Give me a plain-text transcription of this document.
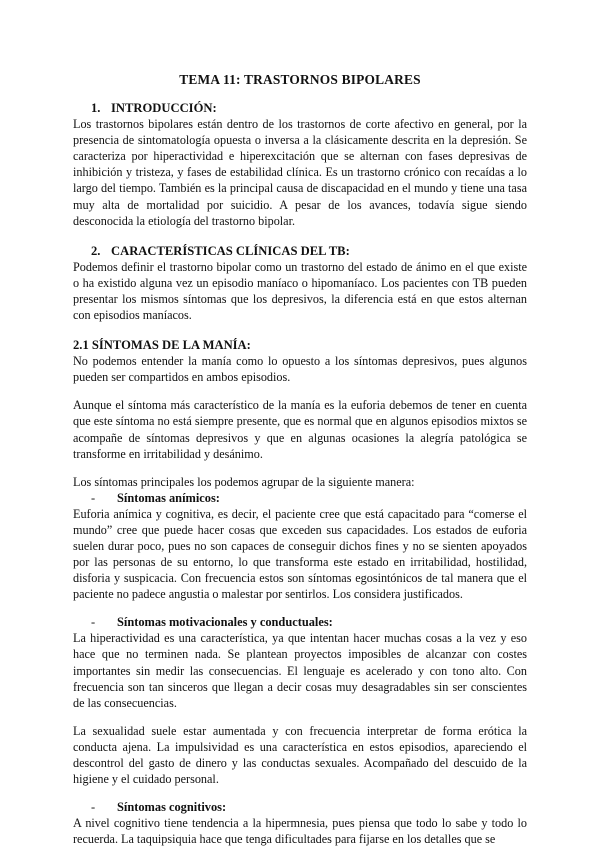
TEMA 11: TRASTORNOS BIPOLARES
1. INTRODUCCIÓN:

Los trastornos bipolares están dentro de los trastornos de corte afectivo en general, por la presencia de sintomatología opuesta o inversa a la clásicamente descrita en la depresión. Se caracteriza por hiperactividad e hiperexcitación que se alternan con fases depresivas de inhibición y tristeza, y fases de estabilidad clínica. Es un trastorno crónico con recaídas a lo largo del tiempo. También es la principal causa de discapacidad en el mundo y tiene una tasa muy alta de mortalidad por suicidio. A pesar de los avances, todavía sigue siendo desconocida la etiología del trastorno bipolar.

2. CARACTERÍSTICAS CLÍNICAS DEL TB:

Podemos definir el trastorno bipolar como un trastorno del estado de ánimo en el que existe o ha existido alguna vez un episodio maníaco o hipomaníaco. Los pacientes con TB pueden presentar los mismos síntomas que los depresivos, la diferencia está en que estos alternan con episodios maníacos.

2.1 SÍNTOMAS DE LA MANÍA:

No podemos entender la manía como lo opuesto a los síntomas depresivos, pues algunos pueden ser compartidos en ambos episodios.

Aunque el síntoma más característico de la manía es la euforia debemos de tener en cuenta que este síntoma no está siempre presente, que es normal que en algunos episodios mixtos se acompañe de síntomas depresivos y que en algunas ocasiones la alegría patológica se transforme en irritabilidad y desánimo.

Los síntomas principales los podemos agrupar de la siguiente manera:

-	Síntomas anímicos:

Euforia anímica y cognitiva, es decir, el paciente cree que está capacitado para “comerse el mundo” cree que puede hacer cosas que exceden sus capacidades. Los estados de euforia suelen durar poco, pues no son capaces de conseguir dichos fines y no se sienten apoyados por las personas de su entorno, lo que transforma este estado en irritabilidad, hostilidad, disforia y suspicacia. Con frecuencia estos son síntomas egosintónicos de tal manera que el paciente no padece angustia o malestar por sentirlos. Los considera justificados.

-	Síntomas motivacionales y conductuales:

La hiperactividad es una característica, ya que intentan hacer muchas cosas a la vez y eso hace que no terminen nada. Se plantean proyectos imposibles de alcanzar con costes importantes sin medir las consecuencias. El lenguaje es acelerado y con tono alto. Con frecuencia son tan sinceros que llegan a decir cosas muy desagradables sin ser conscientes de las consecuencias.

La sexualidad suele estar aumentada y con frecuencia interpretar de forma erótica la conducta ajena. La impulsividad es una característica en estos episodios, apareciendo el descontrol del gasto de dinero y las conductas sexuales. Acompañado del descuido de la higiene y el cuidado personal.

-	Síntomas cognitivos:

A nivel cognitivo tiene tendencia a la hipermnesia, pues piensa que todo lo sabe y todo lo recuerda. La taquipsiquia hace que tenga dificultades para fijarse en los detalles que se
